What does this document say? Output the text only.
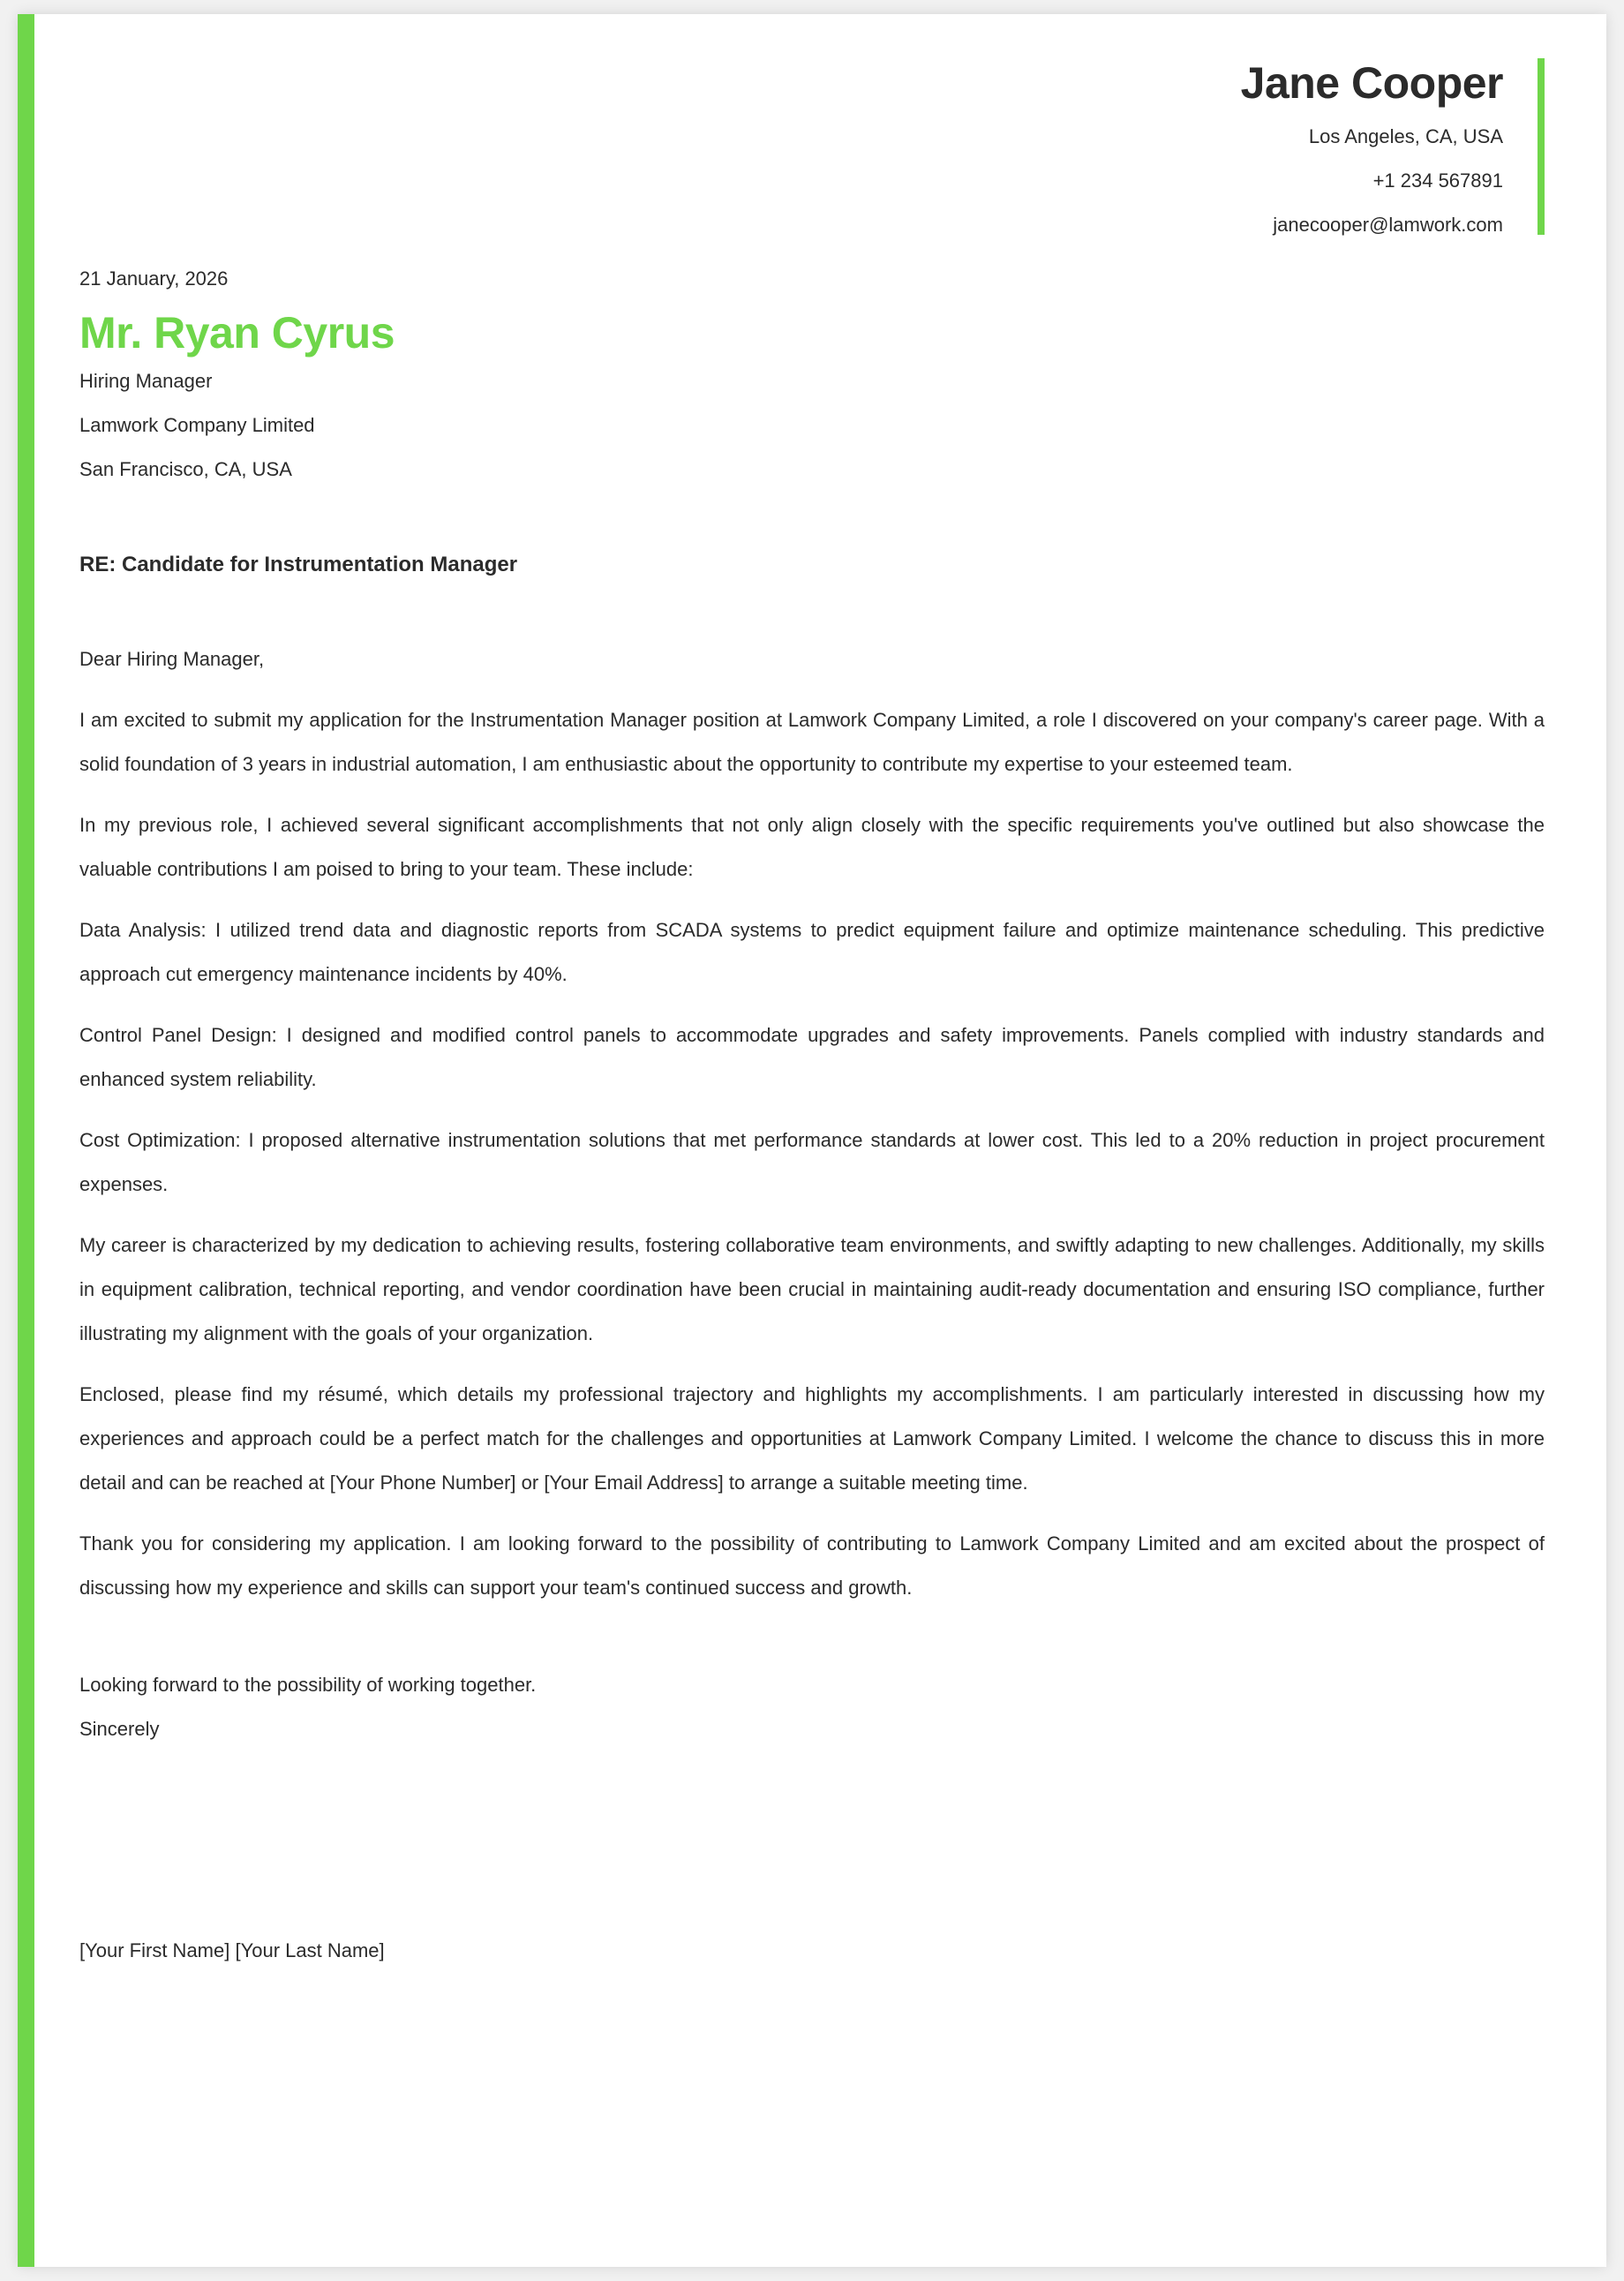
Jane Cooper

Los Angeles, CA, USA

+1 234 567891

janecooper@lamwork.com

21 January, 2026

Mr. Ryan Cyrus

Hiring Manager

Lamwork Company Limited

San Francisco, CA, USA

RE: Candidate for Instrumentation Manager

Dear Hiring Manager,

I am excited to submit my application for the Instrumentation Manager position at Lamwork Company Limited, a role I discovered on your company's career page. With a solid foundation of 3 years in industrial automation, I am enthusiastic about the opportunity to contribute my expertise to your esteemed team.

In my previous role, I achieved several significant accomplishments that not only align closely with the specific requirements you've outlined but also showcase the valuable contributions I am poised to bring to your team. These include:

Data Analysis: I utilized trend data and diagnostic reports from SCADA systems to predict equipment failure and optimize maintenance scheduling. This predictive approach cut emergency maintenance incidents by 40%.

Control Panel Design: I designed and modified control panels to accommodate upgrades and safety improvements. Panels complied with industry standards and enhanced system reliability.

Cost Optimization: I proposed alternative instrumentation solutions that met performance standards at lower cost. This led to a 20% reduction in project procurement expenses.

My career is characterized by my dedication to achieving results, fostering collaborative team environments, and swiftly adapting to new challenges. Additionally, my skills in equipment calibration, technical reporting, and vendor coordination have been crucial in maintaining audit-ready documentation and ensuring ISO compliance, further illustrating my alignment with the goals of your organization.

Enclosed, please find my résumé, which details my professional trajectory and highlights my accomplishments. I am particularly interested in discussing how my experiences and approach could be a perfect match for the challenges and opportunities at Lamwork Company Limited. I welcome the chance to discuss this in more detail and can be reached at [Your Phone Number] or [Your Email Address] to arrange a suitable meeting time.

Thank you for considering my application. I am looking forward to the possibility of contributing to Lamwork Company Limited and am excited about the prospect of discussing how my experience and skills can support your team's continued success and growth.

Looking forward to the possibility of working together.

Sincerely

[Your First Name] [Your Last Name]
